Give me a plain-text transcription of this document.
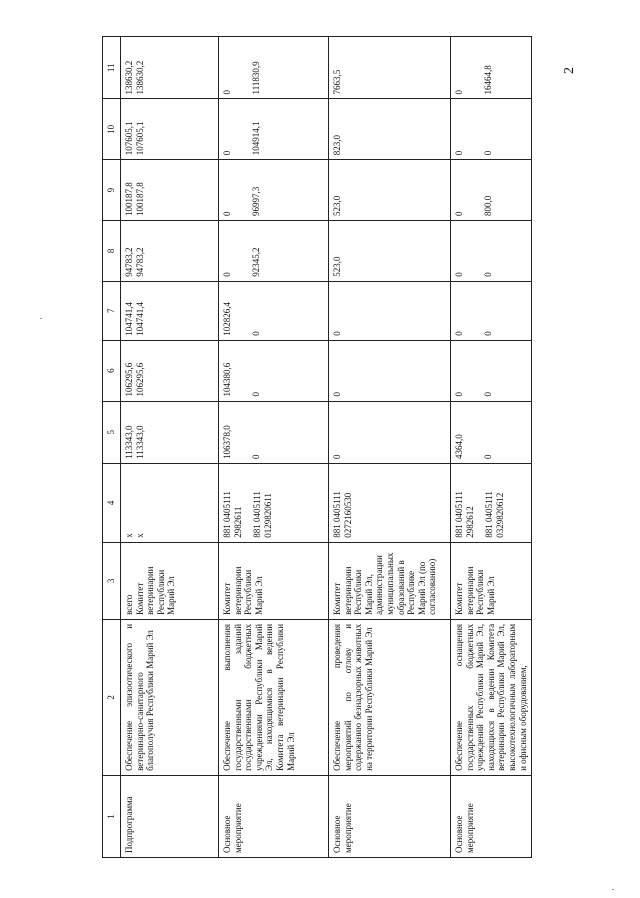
2
1	2	3	4	5	6	7	8	9	10	11
Подпрограмма	Обеспечение эпизоотического и ветеринарно-санитарного благополучия Республики Марий Эл	всего Комитет ветеринарии Республики Марий Эл	x x	113343,0 113343,0	106295,6 106295,6	104741,4 104741,4	94783,2 94783,2	100187,8 100187,8	107605,1 107605,1	138630,2 138630,2

Основное мероприятие	Обеспечение выполнения государственными заданий государственными бюджетных учреждениями Республики Марий Эл, находящимися в ведении Комитета ветеринарии Республики Марий Эл	Комитет ветеринарии Республики Марий Эл	881 0405111 2982611 881 0405111 0129820611	106378,0 0	104380,6 0	102826,4 0	0 92345,2	0 96997,3	0 104914,1	0 111830,9

Основное мероприятие	Обеспечение проведения мероприятий по отлову и содержанию безнадзорных животных на территории Республики Марий Эл	Комитет ветеринарии Республики Марий Эл, администрации муниципальных образований в Республике Марий Эл (по согласованию)	881 0405111 0272160530	0	0	0	523,0	523,0	823,0	7663,5
Основное мероприятие	Обеспечение оснащения государственных бюджетных учреждений Республики Марий Эл, находящихся в ведении Комитета ветеринарии Республики Марий Эл, высокотехнологичным лабораторным и офисным оборудованием,	Комитет ветеринарии Республики Марий Эл	881 0405111 2982612 881 0405111 0329820612	4364,0 0	0 0	0 0	0 0	0 800,0	0 0	0 16464,8
